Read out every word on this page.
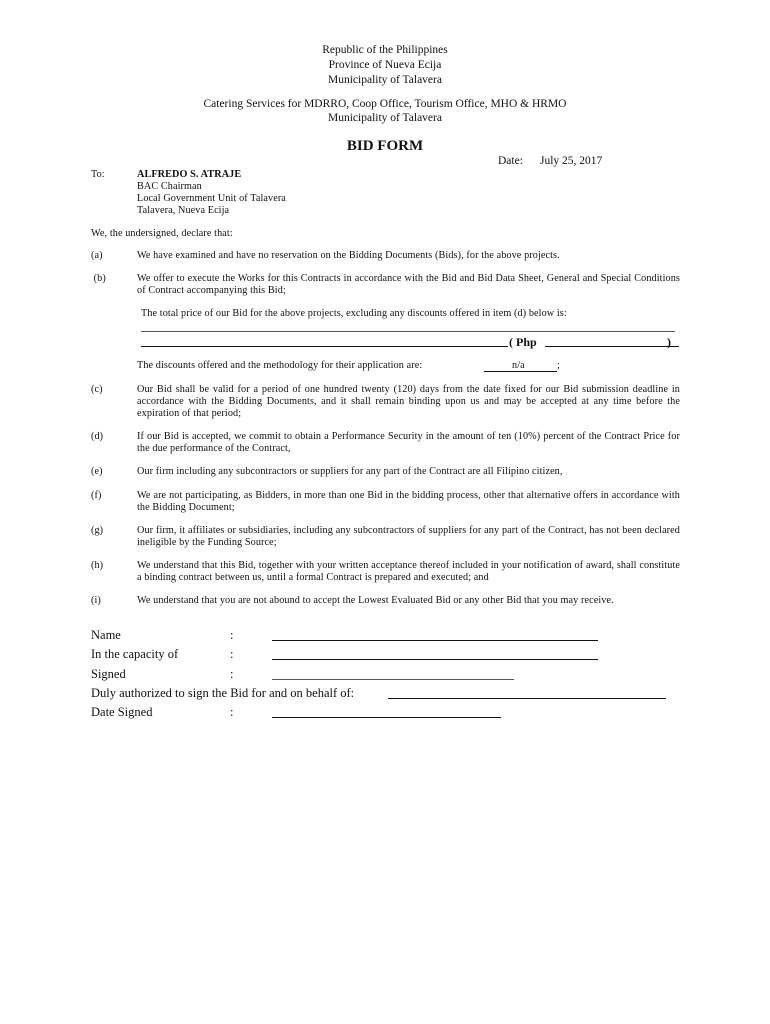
Republic of the Philippines
Province of Nueva Ecija
Municipality of Talavera
Catering Services for MDRRO, Coop Office, Tourism Office, MHO & HRMO
Municipality of Talavera
BID FORM
Date: July 25, 2017
To:	ALFREDO S. ATRAJE
BAC Chairman
Local Government Unit of Talavera
Talavera, Nueva Ecija
We, the undersigned, declare that:
(a)	We have examined and have no reservation on the Bidding Documents (Bids), for the above projects.
(b)	We offer to execute the Works for this Contracts in accordance with the Bid and Bid Data Sheet, General and Special Conditions of Contract accompanying this Bid;
The total price of our Bid for the above projects, excluding any discounts offered in item (d) below is:
( Php	)
The discounts offered and the methodology for their application are:	n/a	;
(c)	Our Bid shall be valid for a period of one hundred twenty (120) days from the date fixed for our Bid submission deadline in accordance with the Bidding Documents, and it shall remain binding upon us and may be accepted at any time before the expiration of that period;
(d)	If our Bid is accepted, we commit to obtain a Performance Security in the amount of ten (10%) percent of the Contract Price for the due performance of the Contract,
(e)	Our firm including any subcontractors or suppliers for any part of the Contract are all Filipino citizen,
(f)	We are not participating, as Bidders, in more than one Bid in the bidding process, other that alternative offers in accordance with the Bidding Document;
(g)	Our firm, it affiliates or subsidiaries, including any subcontractors of suppliers for any part of the Contract, has not been declared ineligible by the Funding Source;
(h)	We understand that this Bid, together with your written acceptance thereof included in your notification of award, shall constitute a binding contract between us, until a formal Contract is prepared and executed; and
(i)	We understand that you are not abound to accept the Lowest Evaluated Bid or any other Bid that you may receive.
Name	:
In the capacity of	:
Signed	:
Duly authorized to sign the Bid for and on behalf of:
Date Signed	:
